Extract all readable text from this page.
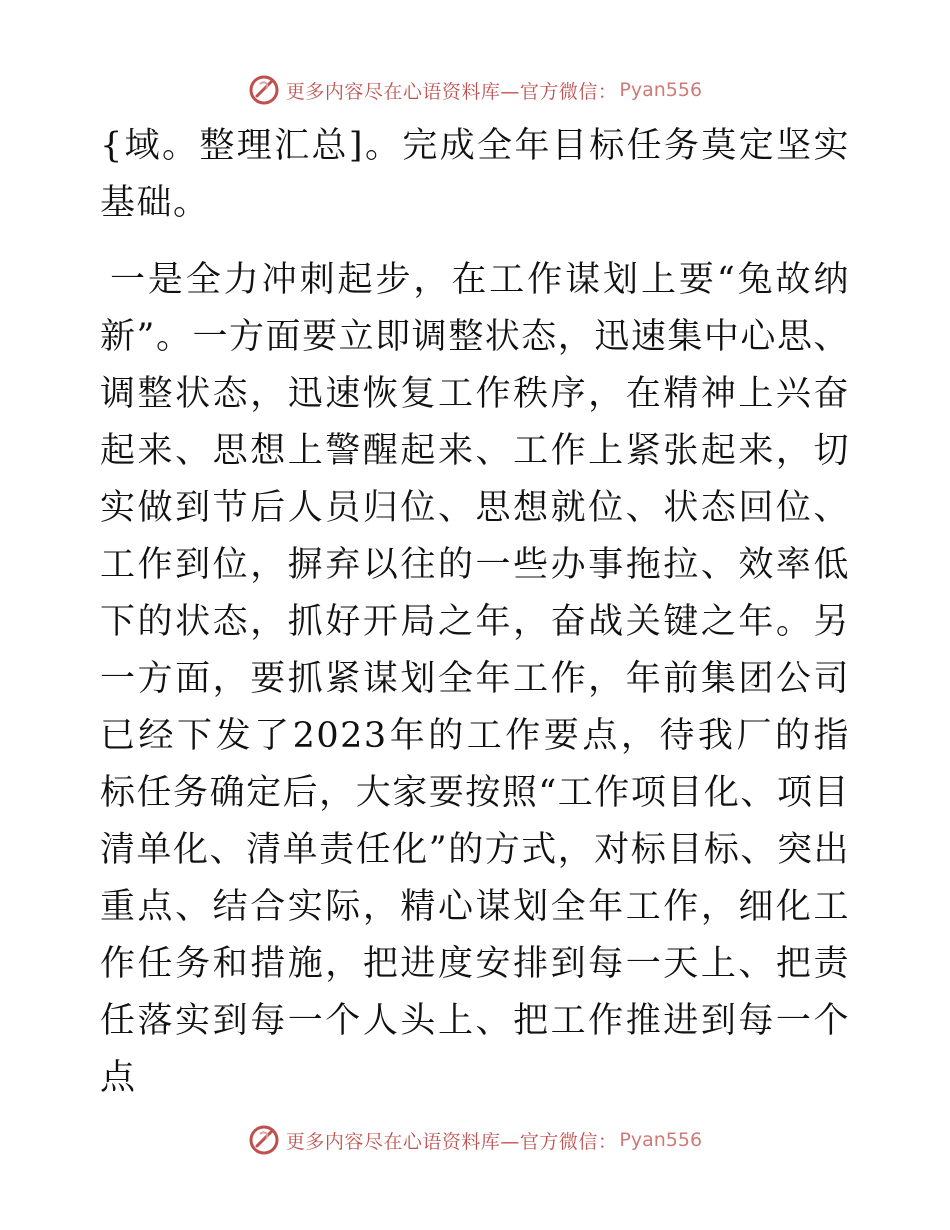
更多内容尽在心语资料库—官方微信： Pyan556

{域。整理汇总]。完成全年目标任务莫定坚实基础。

一是全力冲刺起步，在工作谋划上要“兔故纳新”。一方面要立即调整状态，迅速集中心思、调整状态，迅速恢复工作秩序，在精神上兴奋起来、思想上警醒起来、工作上紧张起来，切实做到节后人员归位、思想就位、状态回位、工作到位，摒弃以往的一些办事拖拉、效率低下的状态，抓好开局之年，奋战关键之年。另一方面，要抓紧谋划全年工作，年前集团公司已经下发了2023年的工作要点，待我厂的指标任务确定后，大家要按照“工作项目化、项目清单化、清单责任化”的方式，对标目标、突出重点、结合实际，精心谋划全年工作，细化工作任务和措施，把进度安排到每一天上、把责任落实到每一个人头上、把工作推进到每一个点

更多内容尽在心语资料库—官方微信： Pyan556
